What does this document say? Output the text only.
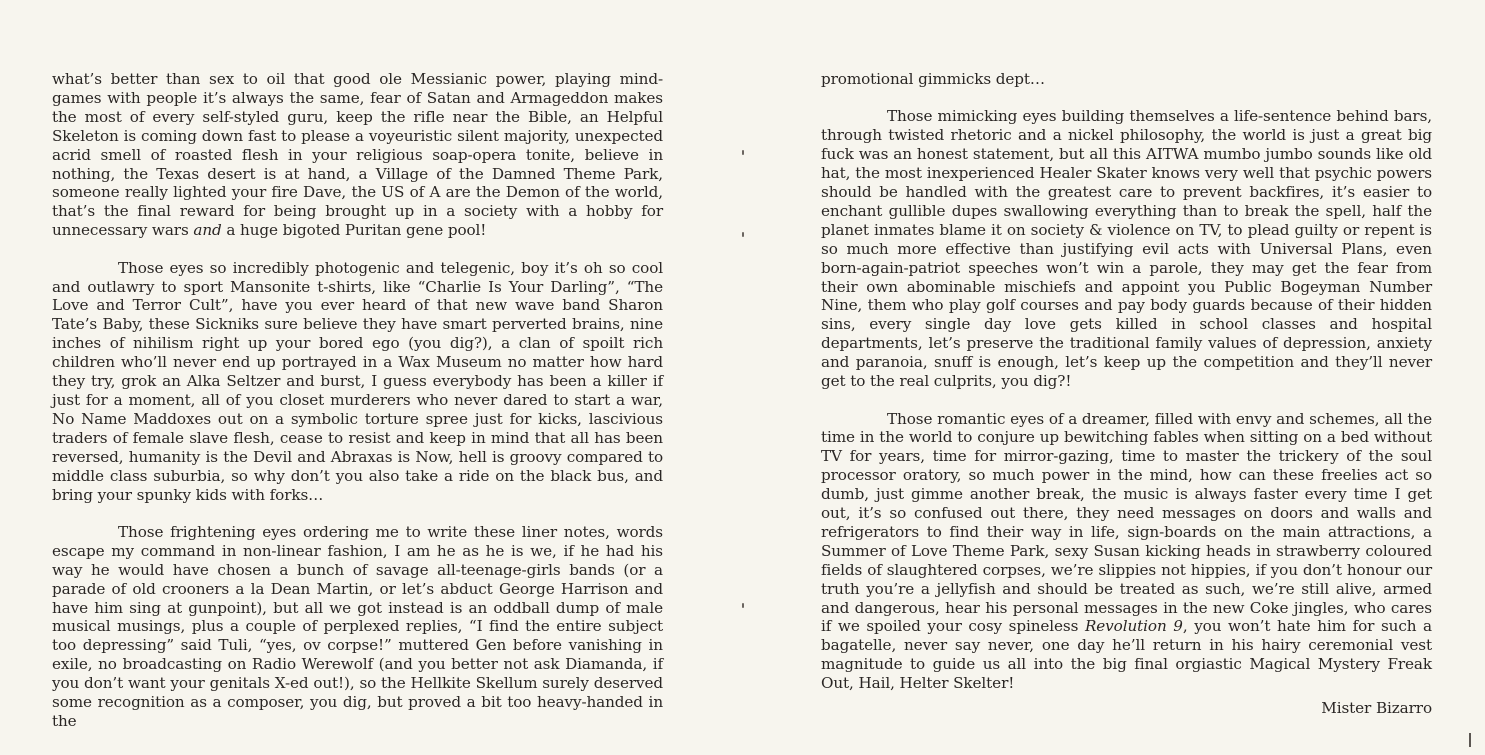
what’s better than sex to oil that good ole Messianic power, playing mind-games with people it’s always the same, fear of Satan and Armageddon makes the most of every self-styled guru, keep the rifle near the Bible, an Helpful Skeleton is coming down fast to please a voyeuristic silent majority, unexpected acrid smell of roasted flesh in your religious soap-opera tonite, believe in nothing, the Texas desert is at hand, a Village of the Damned Theme Park, someone really lighted your fire Dave, the US of A are the Demon of the world, that’s the final reward for being brought up in a society with a hobby for unnecessary wars and a huge bigoted Puritan gene pool!

Those eyes so incredibly photogenic and telegenic, boy it’s oh so cool and outlawry to sport Mansonite t-shirts, like “Charlie Is Your Darling”, “The Love and Terror Cult”, have you ever heard of that new wave band Sharon Tate’s Baby, these Sickniks sure believe they have smart perverted brains, nine inches of nihilism right up your bored ego (you dig?), a clan of spoilt rich children who’ll never end up portrayed in a Wax Museum no matter how hard they try, grok an Alka Seltzer and burst, I guess everybody has been a killer if just for a moment, all of you closet murderers who never dared to start a war, No Name Maddoxes out on a symbolic torture spree just for kicks, lascivious traders of female slave flesh, cease to resist and keep in mind that all has been reversed, humanity is the Devil and Abraxas is Now, hell is groovy compared to middle class suburbia, so why don’t you also take a ride on the black bus, and bring your spunky kids with forks…

Those frightening eyes ordering me to write these liner notes, words escape my command in non-linear fashion, I am he as he is we, if he had his way he would have chosen a bunch of savage all-teenage-girls bands (or a parade of old crooners a la Dean Martin, or let’s abduct George Harrison and have him sing at gunpoint), but all we got instead is an oddball dump of male musical musings, plus a couple of perplexed replies, “I find the entire subject too depressing” said Tuli, “yes, ov corpse!” muttered Gen before vanishing in exile, no broadcasting on Radio Werewolf (and you better not ask Diamanda, if you don’t want your genitals X-ed out!), so the Hellkite Skellum surely deserved some recognition as a composer, you dig, but proved a bit too heavy-handed in the

promotional gimmicks dept…

Those mimicking eyes building themselves a life-sentence behind bars, through twisted rhetoric and a nickel philosophy, the world is just a great big fuck was an honest statement, but all this AITWA mumbo jumbo sounds like old hat, the most inexperienced Healer Skater knows very well that psychic powers should be handled with the greatest care to prevent backfires, it’s easier to enchant gullible dupes swallowing everything than to break the spell, half the planet inmates blame it on society & violence on TV, to plead guilty or repent is so much more effective than justifying evil acts with Universal Plans, even born-again-patriot speeches won’t win a parole, they may get the fear from their own abominable mischiefs and appoint you Public Bogeyman Number Nine, them who play golf courses and pay body guards because of their hidden sins, every single day love gets killed in school classes and hospital departments, let’s preserve the traditional family values of depression, anxiety and paranoia, snuff is enough, let’s keep up the competition and they’ll never get to the real culprits, you dig?!

Those romantic eyes of a dreamer, filled with envy and schemes, all the time in the world to conjure up bewitching fables when sitting on a bed without TV for years, time for mirror-gazing, time to master the trickery of the soul processor oratory, so much power in the mind, how can these freelies act so dumb, just gimme another break, the music is always faster every time I get out, it’s so confused out there, they need messages on doors and walls and refrigerators to find their way in life, sign-boards on the main attractions, a Summer of Love Theme Park, sexy Susan kicking heads in strawberry coloured fields of slaughtered corpses, we’re slippies not hippies, if you don’t honour our truth you’re a jellyfish and should be treated as such, we’re still alive, armed and dangerous, hear his personal messages in the new Coke jingles, who cares if we spoiled your cosy spineless Revolution 9, you won’t hate him for such a bagatelle, never say never, one day he’ll return in his hairy ceremonial vest magnitude to guide us all into the big final orgiastic Magical Mystery Freak Out, Hail, Helter Skelter!

Mister Bizarro
